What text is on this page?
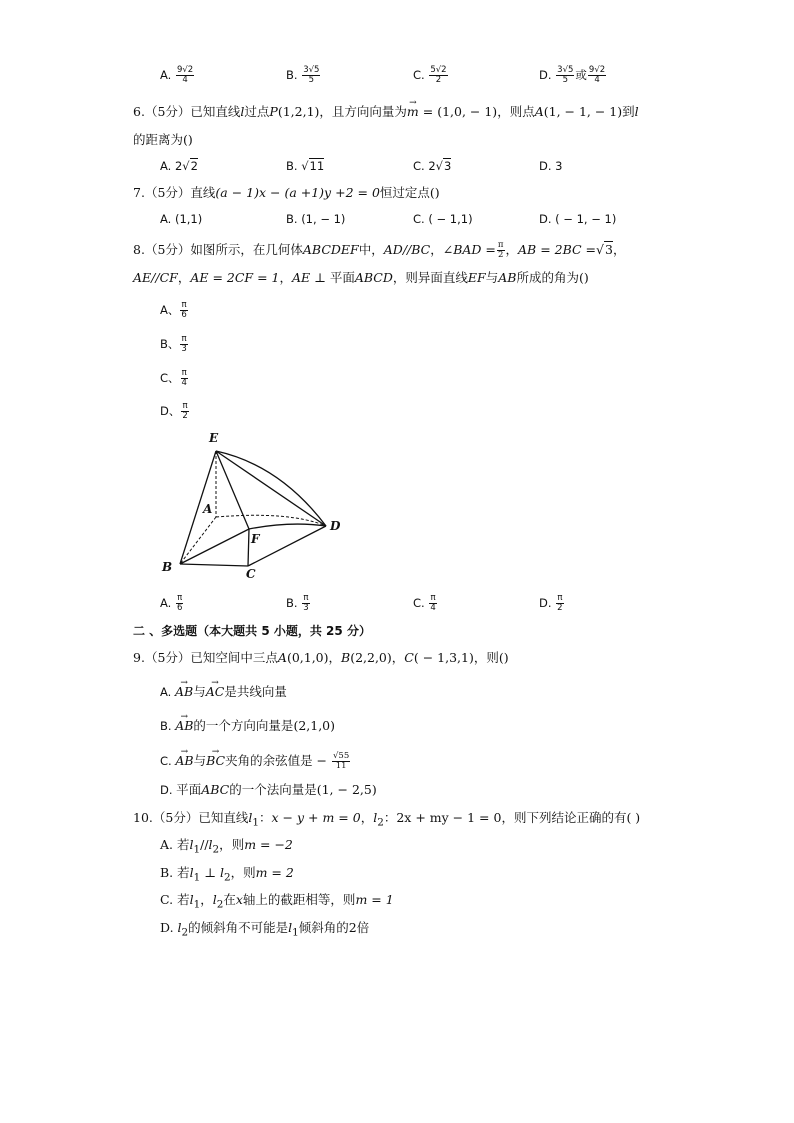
A. $\frac{9√2}{4}$	B. $\frac{3√5}{5}$	C. $\frac{5√2}{2}$	D. $\frac{3√5}{5}$ 或 $\frac{9√2}{4}$
6.（5分）已知直线l过点P(1,2,1)，且方向向量为→ m = (1,0, − 1)，则点A(1, − 1, − 1)到l
的距离为()
A. 2√2	B. √11	C. 2√3	D. 3
7.（5分）直线(a − 1)x − (a +1)y +2 = 0恒过定点()
A. (1,1)	B. (1, − 1)	C. ( − 1,1)	D. ( − 1, − 1)
8.（5分）如图所示，在几何体ABCDEF中，AD//BC，∠BAD = $\frac{\pi}{2}$ ，AB = 2BC =√3，
AE//CF，AE = 2CF = 1，AE ⊥ 平面ABCD，则异面直线EF与AB所成的角为()
A、 $\frac{\pi}{6}$
B、 $\frac{\pi}{3}$
C、 $\frac{\pi}{4}$
D、 $\frac{\pi}{2}$
E
A
F
D
B	C
A. $\frac{\pi}{6}$	B. $\frac{\pi}{3}$	C. $\frac{\pi}{4}$	D. $\frac{\pi}{2}$
二 、多选题（本大题共 5 小题，共 25 分）
9.（5分）已知空间中三点A(0,1,0)，B(2,2,0)，C( − 1,3,1)，则()
A. → AB与→ AC是共线向量
B. → AB的一个方向向量是(2,1,0)
C. → AB与→ BC夹角的余弦值是 − $\frac{√55}{11}$
D. 平面ABC的一个法向量是(1, − 2,5)
10.（5分）已知直线$l_1$：x − y + m = 0，$l_2$：2x + my − 1 = 0，则下列结论正确的有( )
A. 若$l_1//l_2$，则m = −2
B. 若$l_1$ ⊥ $l_2$，则m = 2
C. 若$l_1$，$l_2$在x轴上的截距相等，则m = 1
D. $l_2$的倾斜角不可能是$l_1$倾斜角的2倍
